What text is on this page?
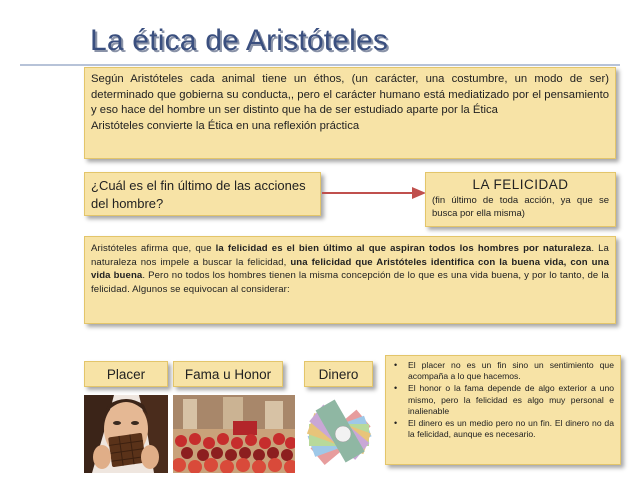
La ética de Aristóteles

Según Aristóteles cada animal tiene un éthos, (un carácter, una costumbre, un modo de ser) determinado que gobierna su conducta,, pero el carácter humano está mediatizado por el pensamiento y eso hace del hombre un ser distinto que ha de ser estudiado aparte por la Ética

Aristóteles convierte la Ética en una reflexión práctica

¿Cuál es el fin último de las acciones del hombre?
LA FELICIDAD
(fin último de toda acción, ya que se busca por ella misma)
Aristóteles afirma que, que la felicidad es el bien último al que aspiran todos los hombres por naturaleza. La naturaleza nos impele a buscar la felicidad, una felicidad que Aristóteles identifica con la buena vida, con una vida buena. Pero no todos los hombres tienen la misma concepción de lo que es una vida buena, y por lo tanto, de la felicidad. Algunos se equivocan al considerar:
Placer	Fama u Honor	Dinero
• El placer no es un fin sino un sentimiento que acompaña a lo que hacemos.
• El honor o la fama depende de algo exterior a uno mismo, pero la felicidad es algo muy personal e inalienable
• El dinero es un medio pero no un fin. El dinero no da la felicidad, aunque es necesario.
